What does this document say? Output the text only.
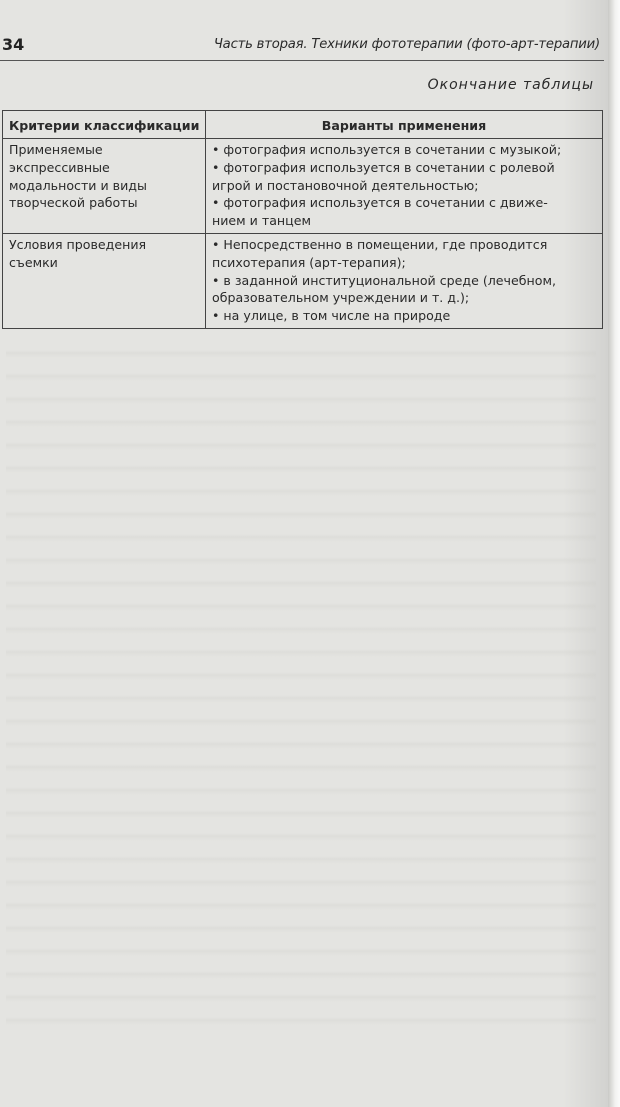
34	Часть вторая. Техники фототерапии (фото-арт-терапии)
Окончание таблицы
Критерии классификации	Варианты применения

Применяемые
экспрессивные
модальности и виды
творческой работы	• фотография используется в сочетании с музыкой;
• фотография используется в сочетании с ролевой
игрой и постановочной деятельностью;
• фотография используется в сочетании с движе-
нием и танцем

Условия проведения
съемки	• Непосредственно в помещении, где проводится
психотерапия (арт-терапия);
• в заданной институциональной среде (лечебном,
образовательном учреждении и т. д.);
• на улице, в том числе на природе
